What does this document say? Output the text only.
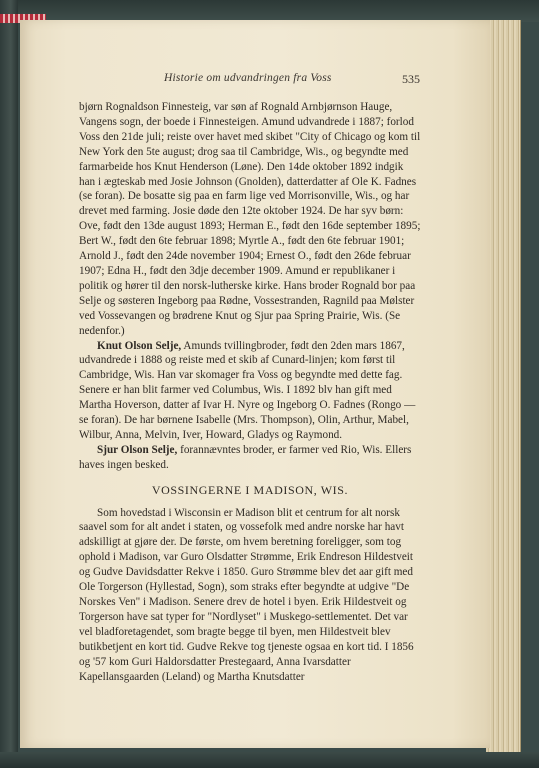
Historie om udvandringen fra Voss	535

bjørn Rognaldson Finnesteig, var søn af Rognald Arnbjørnson Hauge, Vangens sogn, der boede i Finnesteigen. Amund udvandrede i 1887; forlod Voss den 21de juli; reiste over havet med skibet "City of Chicago og kom til New York den 5te august; drog saa til Cambridge, Wis., og begyndte med farmarbeide hos Knut Henderson (Løne). Den 14de oktober 1892 indgik han i ægteskab med Josie Johnson (Gnolden), datterdatter af Ole K. Fadnes (se foran). De bosatte sig paa en farm lige ved Morrisonville, Wis., og har drevet med farming. Josie døde den 12te oktober 1924. De har syv børn: Ove, født den 13de august 1893; Herman E., født den 16de september 1895; Bert W., født den 6te februar 1898; Myrtle A., født den 6te februar 1901; Arnold J., født den 24de november 1904; Ernest O., født den 26de februar 1907; Edna H., født den 3dje december 1909. Amund er republikaner i politik og hører til den norsk-lutherske kirke. Hans broder Rognald bor paa Selje og søsteren Ingeborg paa Rødne, Vossestranden, Ragnild paa Mølster ved Vossevangen og brødrene Knut og Sjur paa Spring Prairie, Wis. (Se nedenfor.)

Knut Olson Selje, Amunds tvillingbroder, født den 2den mars 1867, udvandrede i 1888 og reiste med et skib af Cunard-linjen; kom først til Cambridge, Wis. Han var skomager fra Voss og begyndte med dette fag. Senere er han blit farmer ved Columbus, Wis. I 1892 blv han gift med Martha Hoverson, datter af Ivar H. Nyre og Ingeborg O. Fadnes (Rongo — se foran). De har børnene Isabelle (Mrs. Thompson), Olin, Arthur, Mabel, Wilbur, Anna, Melvin, Iver, Howard, Gladys og Raymond.

Sjur Olson Selje, forannævntes broder, er farmer ved Rio, Wis. Ellers haves ingen besked.

VOSSINGERNE I MADISON, WIS.

Som hovedstad i Wisconsin er Madison blit et centrum for alt norsk saavel som for alt andet i staten, og vossefolk med andre norske har havt adskilligt at gjøre der. De første, om hvem beretning foreligger, som tog ophold i Madison, var Guro Olsdatter Strømme, Erik Endreson Hildestveit og Gudve Davidsdatter Rekve i 1850. Guro Strømme blev det aar gift med Ole Torgerson (Hyllestad, Sogn), som straks efter begyndte at udgive "De Norskes Ven" i Madison. Senere drev de hotel i byen. Erik Hildestveit og Torgerson have sat typer for "Nordlyset" i Muskego-settlementet. Det var vel bladforetagendet, som bragte begge til byen, men Hildestveit blev butikbetjent en kort tid. Gudve Rekve tog tjeneste ogsaa en kort tid. I 1856 og '57 kom Guri Haldorsdatter Prestegaard, Anna Ivarsdatter Kapellansgaarden (Leland) og Martha Knutsdatter
